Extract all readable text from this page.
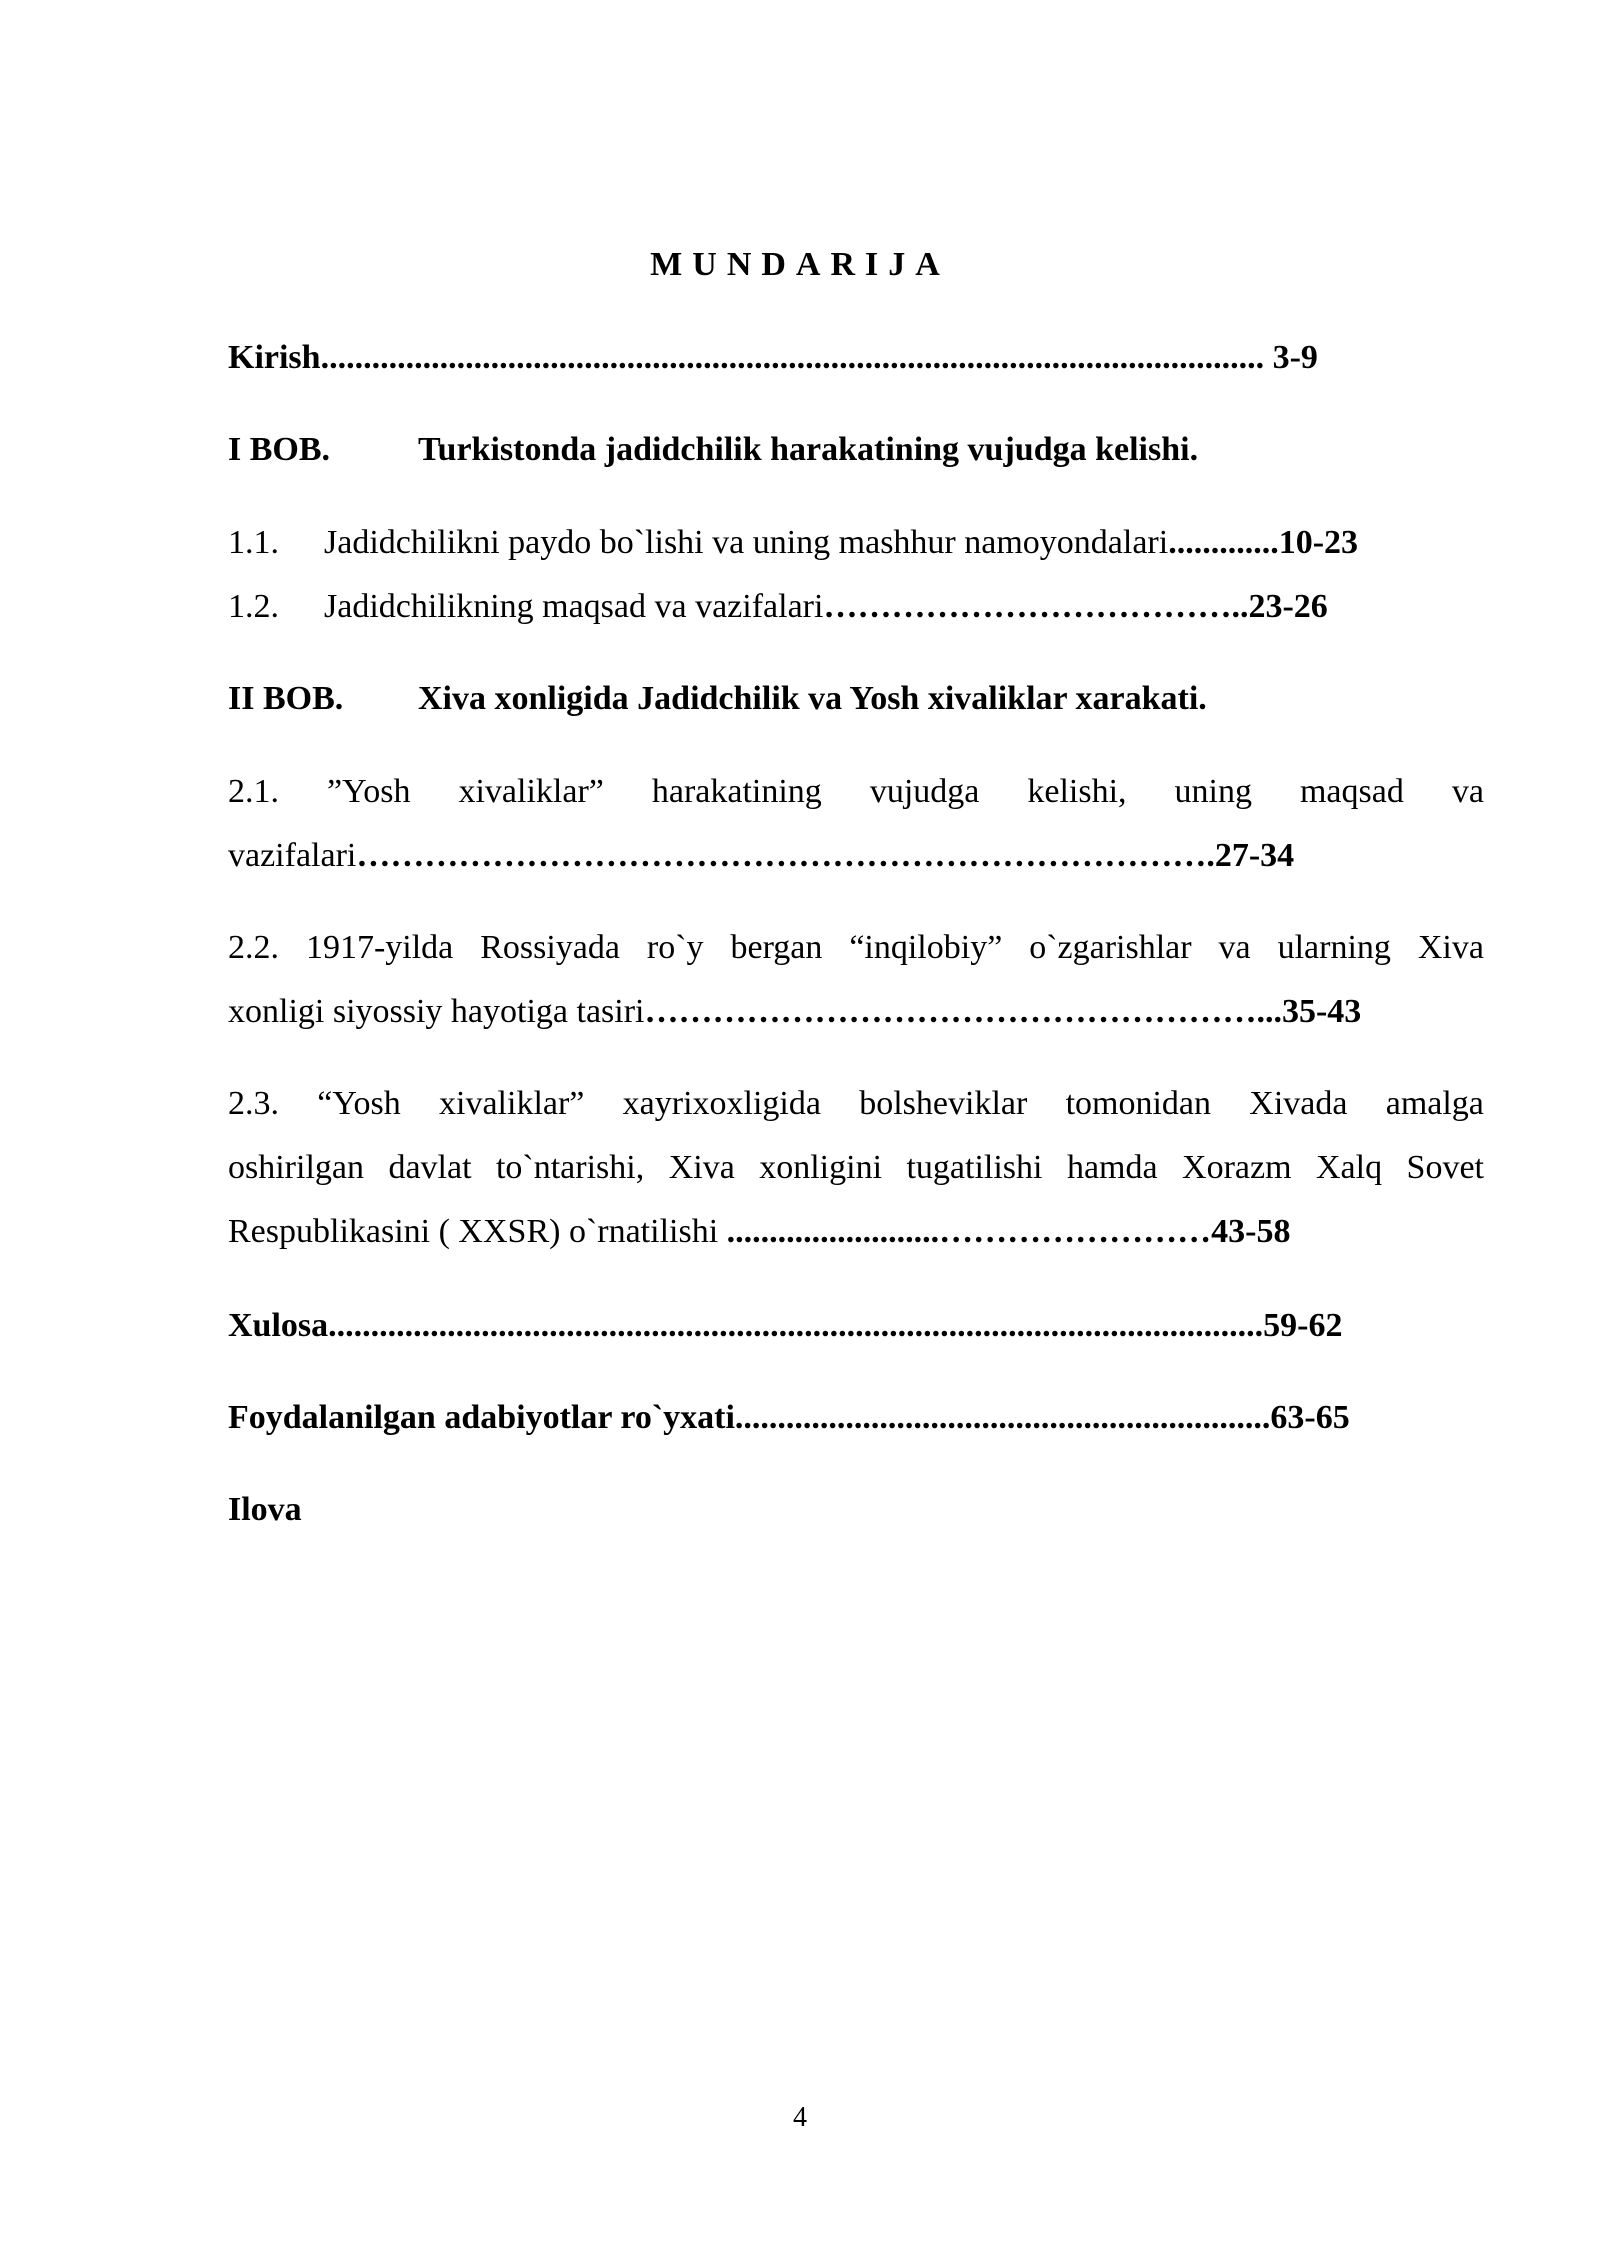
MUNDARIJA
Kirish............................................................................................................... 3-9
I BOB.	Turkistonda jadidchilik harakatining vujudga kelishi.
1.1. Jadidchilikni paydo bo`lishi va uning mashhur namoyondalari.............10-23
1.2. Jadidchilikning maqsad va vazifalari………………………………..23-26
II BOB. Xiva xonligida Jadidchilik va Yosh xivaliklar xarakati.
2.1. ”Yosh xivaliklar” harakatining vujudga kelishi, uning maqsad va
vazifalari………………………………………………………………….27-34
2.2. 1917-yilda Rossiyada ro`y bergan “inqilobiy” o`zgarishlar va ularning Xiva
xonligi siyossiy hayotiga tasiri………………………………………………...35-43
2.3. “Yosh xivaliklar” xayrixoxligida bolsheviklar tomonidan Xivada amalga
oshirilgan davlat to`ntarishi, Xiva xonligini tugatilishi hamda Xorazm Xalq Sovet
Respublikasini ( XXSR) o`rnatilishi .........................……………………43-58
Xulosa..............................................................................................................59-62
Foydalanilgan adabiyotlar ro`yxati...............................................................63-65
Ilova
4
